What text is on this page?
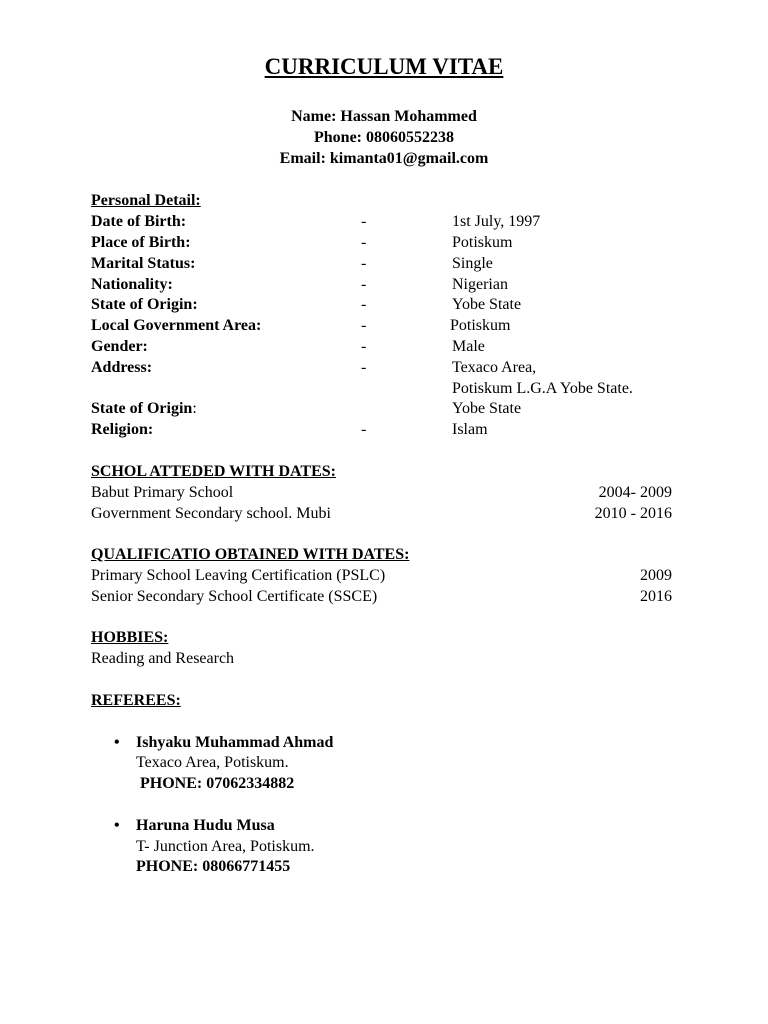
CURRICULUM VITAE
Name: Hassan Mohammed
Phone: 08060552238
Email: kimanta01@gmail.com
Personal Detail:
Date of Birth:	-	1st July, 1997
Place of Birth:	-	Potiskum
Marital Status:	-	Single
Nationality:	-	Nigerian
State of Origin:	-	Yobe State
Local Government Area:	-	Potiskum
Gender:	-	Male
Address:	-	Texaco Area,
Potiskum L.G.A Yobe State.
State of Origin:	Yobe State
Religion:	-	Islam
SCHOL ATTEDED WITH DATES:
Babut Primary School	2004- 2009
Government Secondary school. Mubi	2010 - 2016
QUALIFICATIO OBTAINED WITH DATES:
Primary School Leaving Certification (PSLC)	2009
Senior Secondary School Certificate (SSCE)	2016
HOBBIES:
Reading and Research
REFEREES:
• Ishyaku Muhammad Ahmad
Texaco Area, Potiskum.
PHONE: 07062334882
• Haruna Hudu Musa
T- Junction Area, Potiskum.
PHONE: 08066771455
